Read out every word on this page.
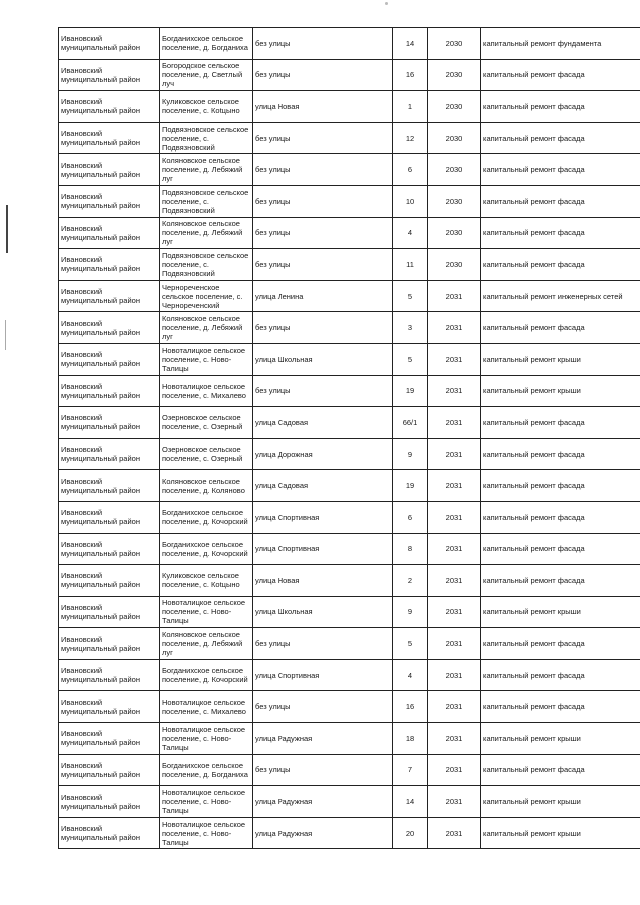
Ивановский муниципальный район	Богданихское сельское поселение, д. Богданиха	без улицы	14	2030	капитальный ремонт фундамента
Ивановский муниципальный район	Богородское сельское поселение, д. Светлый луч	без улицы	16	2030	капитальный ремонт фасада
Ивановский муниципальный район	Куликовское сельское поселение, с. Коtцыно	улица Новая	1	2030	капитальный ремонт фасада
Ивановский муниципальный район	Подвязновское сельское поселение, с. Подвязновский	без улицы	12	2030	капитальный ремонт фасада
Ивановский муниципальный район	Коляновское сельское поселение, д. Лебяжий луг	без улицы	6	2030	капитальный ремонт фасада
Ивановский муниципальный район	Подвязновское сельское поселение, с. Подвязновский	без улицы	10	2030	капитальный ремонт фасада
Ивановский муниципальный район	Коляновское сельское поселение, д. Лебяжий луг	без улицы	4	2030	капитальный ремонт фасада
Ивановский муниципальный район	Подвязновское сельское поселение, с. Подвязновский	без улицы	11	2030	капитальный ремонт фасада
Ивановский муниципальный район	Чернореченское сельское поселение, с. Чернореченский	улица Ленина	5	2031	капитальный ремонт инженерных сетей
Ивановский муниципальный район	Коляновское сельское поселение, д. Лебяжий луг	без улицы	3	2031	капитальный ремонт фасада
Ивановский муниципальный район	Новоталицкое сельское поселение, с. Ново-Талицы	улица Школьная	5	2031	капитальный ремонт крыши
Ивановский муниципальный район	Новоталицкое сельское поселение, с. Михалево	без улицы	19	2031	капитальный ремонт крыши
Ивановский муниципальный район	Озерновское сельское поселение, с. Озерный	улица Садовая	66/1	2031	капитальный ремонт фасада
Ивановский муниципальный район	Озерновское сельское поселение, с. Озерный	улица Дорожная	9	2031	капитальный ремонт фасада
Ивановский муниципальный район	Коляновское сельское поселение, д. Коляново	улица Садовая	19	2031	капитальный ремонт фасада
Ивановский муниципальный район	Богданихское сельское поселение, д. Кочорский	улица Спортивная	6	2031	капитальный ремонт фасада
Ивановский муниципальный район	Богданихское сельское поселение, д. Кочорский	улица Спортивная	8	2031	капитальный ремонт фасада
Ивановский муниципальный район	Куликовское сельское поселение, с. Коtцыно	улица Новая	2	2031	капитальный ремонт фасада
Ивановский муниципальный район	Новоталицкое сельское поселение, с. Ново-Талицы	улица Школьная	9	2031	капитальный ремонт крыши
Ивановский муниципальный район	Коляновское сельское поселение, д. Лебяжий луг	без улицы	5	2031	капитальный ремонт фасада
Ивановский муниципальный район	Богданихское сельское поселение, д. Кочорский	улица Спортивная	4	2031	капитальный ремонт фасада
Ивановский муниципальный район	Новоталицкое сельское поселение, с. Михалево	без улицы	16	2031	капитальный ремонт фасада
Ивановский муниципальный район	Новоталицкое сельское поселение, с. Ново-Талицы	улица Радужная	18	2031	капитальный ремонт крыши
Ивановский муниципальный район	Богданихское сельское поселение, д. Богданиха	без улицы	7	2031	капитальный ремонт фасада
Ивановский муниципальный район	Новоталицкое сельское поселение, с. Ново-Талицы	улица Радужная	14	2031	капитальный ремонт крыши
Ивановский муниципальный район	Новоталицкое сельское поселение, с. Ново-Талицы	улица Радужная	20	2031	капитальный ремонт крыши
